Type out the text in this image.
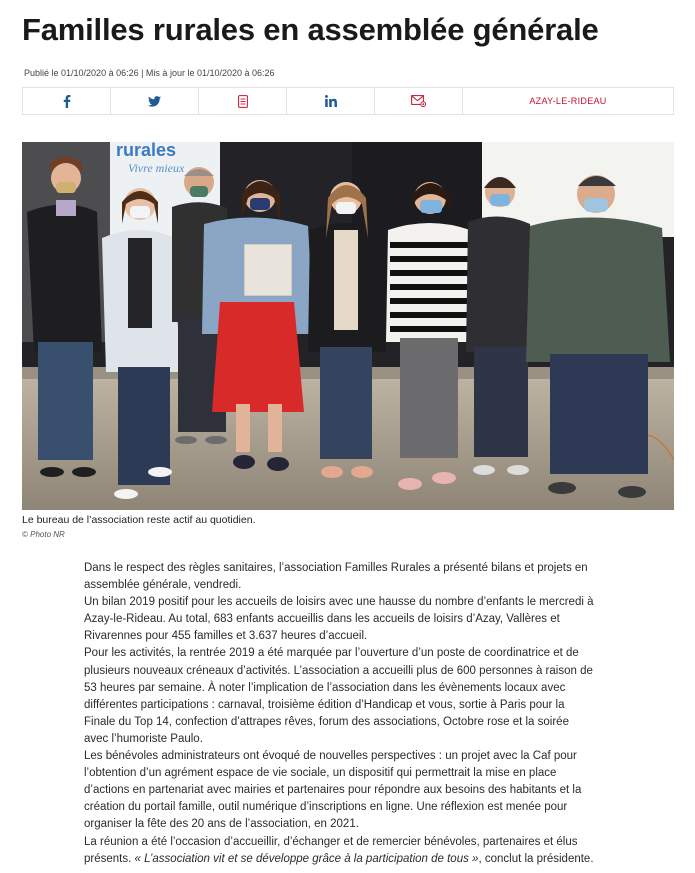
Familles rurales en assemblée générale
Publié le 01/10/2020 à 06:26 | Mis à jour le 01/10/2020 à 06:26
AZAY-LE-RIDEAU
rurales
Vivre mieux
Le bureau de l’association reste actif au quotidien.
© Photo NR

Dans le respect des règles sanitaires, l’association Familles Rurales a présenté bilans et projets en assemblée générale, vendredi.

Un bilan 2019 positif pour les accueils de loisirs avec une hausse du nombre d’enfants le mercredi à Azay-le-Rideau. Au total, 683 enfants accueillis dans les accueils de loisirs d’Azay, Vallères et Rivarennes pour 455 familles et 3.637 heures d’accueil.

Pour les activités, la rentrée 2019 a été marquée par l’ouverture d’un poste de coordinatrice et de plusieurs nouveaux créneaux d’activités. L’association a accueilli plus de 600 personnes à raison de 53 heures par semaine. À noter l’implication de l’association dans les évènements locaux avec différentes participations : carnaval, troisième édition d’Handicap et vous, sortie à Paris pour la Finale du Top 14, confection d’attrapes rêves, forum des associations, Octobre rose et la soirée avec l’humoriste Paulo.

Les bénévoles administrateurs ont évoqué de nouvelles perspectives : un projet avec la Caf pour l’obtention d’un agrément espace de vie sociale, un dispositif qui permettrait la mise en place d’actions en partenariat avec mairies et partenaires pour répondre aux besoins des habitants et la création du portail famille, outil numérique d’inscriptions en ligne. Une réflexion est menée pour organiser la fête des 20 ans de l’association, en 2021.

La réunion a été l’occasion d’accueillir, d’échanger et de remercier bénévoles, partenaires et élus présents. « L’association vit et se développe grâce à la participation de tous », conclut la présidente.
